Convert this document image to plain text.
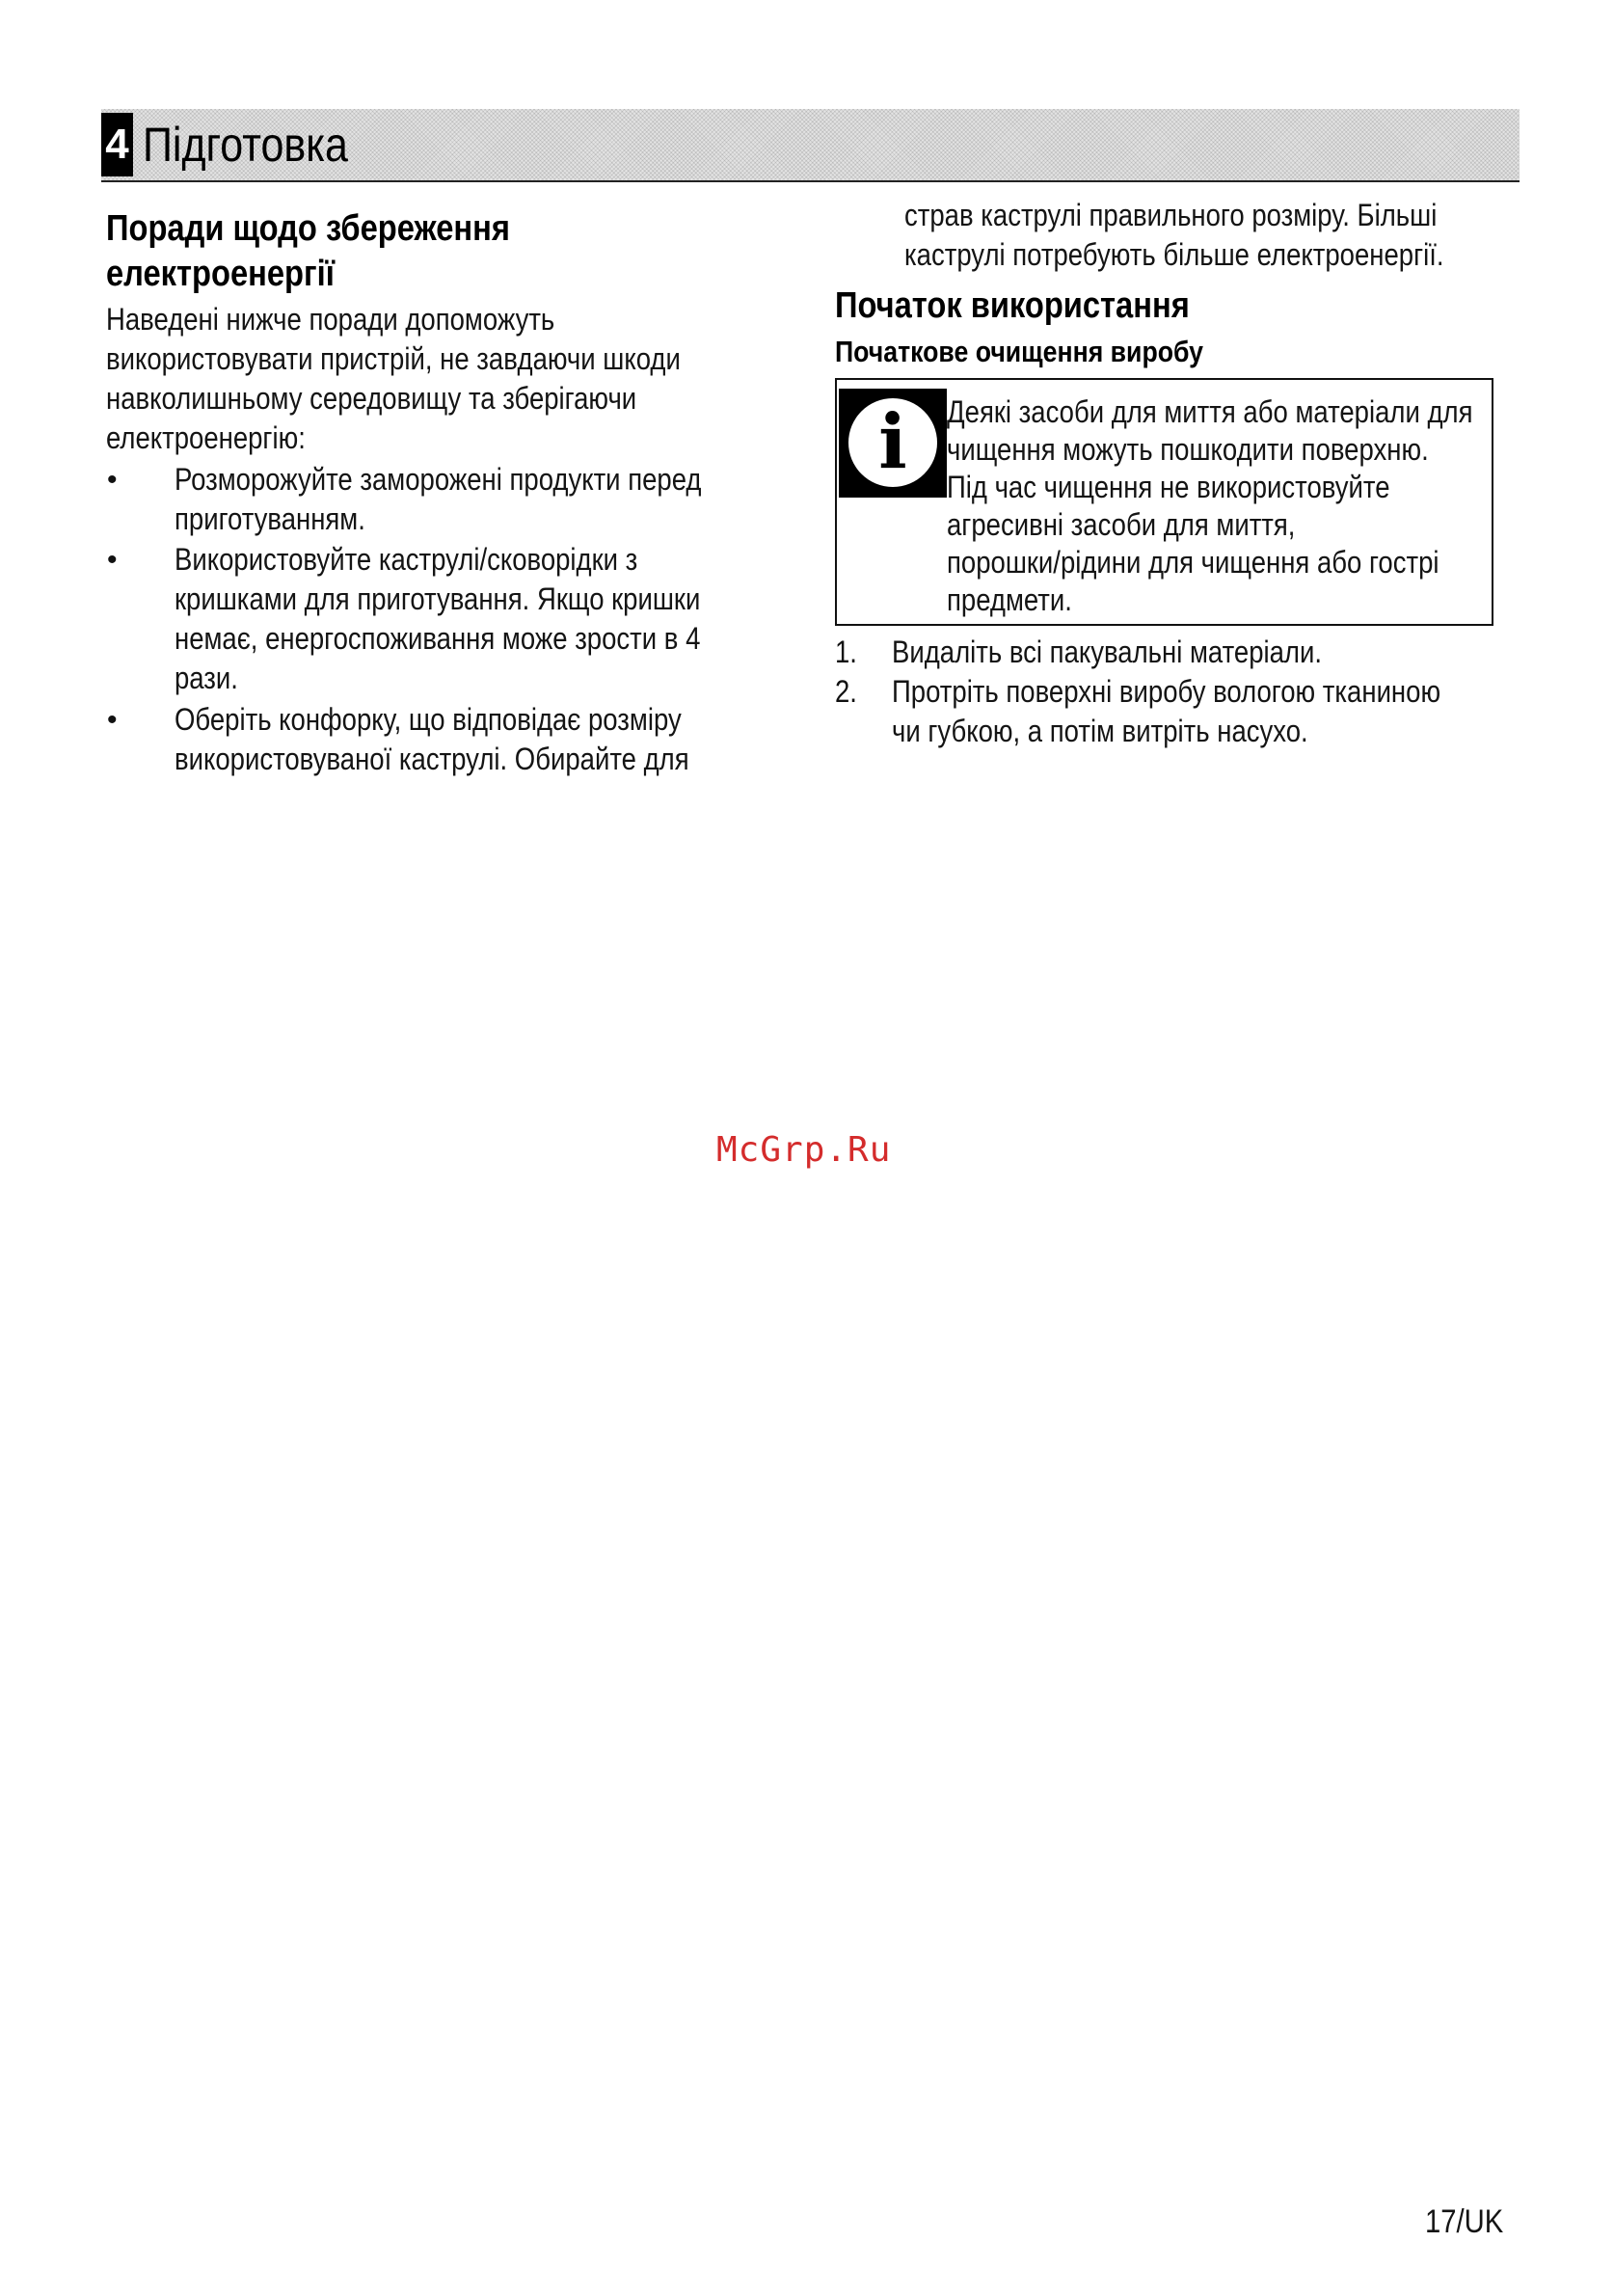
4 Підготовка
Поради щодо збереження
електроенергії
Наведені нижче поради допоможуть
використовувати пристрій, не завдаючи шкоди
навколишньому середовищу та зберігаючи
електроенергію:
• Розморожуйте заморожені продукти перед
приготуванням.
• Використовуйте каструлі/сковорідки з
кришками для приготування. Якщо кришки
немає, енергоспоживання може зрости в 4
рази.
• Оберіть конфорку, що відповідає розміру
використовуваної каструлі. Обирайте для
страв каструлі правильного розміру. Більші
каструлі потребують більше електроенергії.
Початок використання
Початкове очищення виробу
i	Деякі засоби для миття або матеріали для
чищення можуть пошкодити поверхню.
Під час чищення не використовуйте
агресивні засоби для миття,
порошки/рідини для чищення або гострі
предмети.
1. Видаліть всі пакувальні матеріали.
2. Протріть поверхні виробу вологою тканиною
чи губкою, а потім витріть насухо.
McGrp.Ru
17/UK
